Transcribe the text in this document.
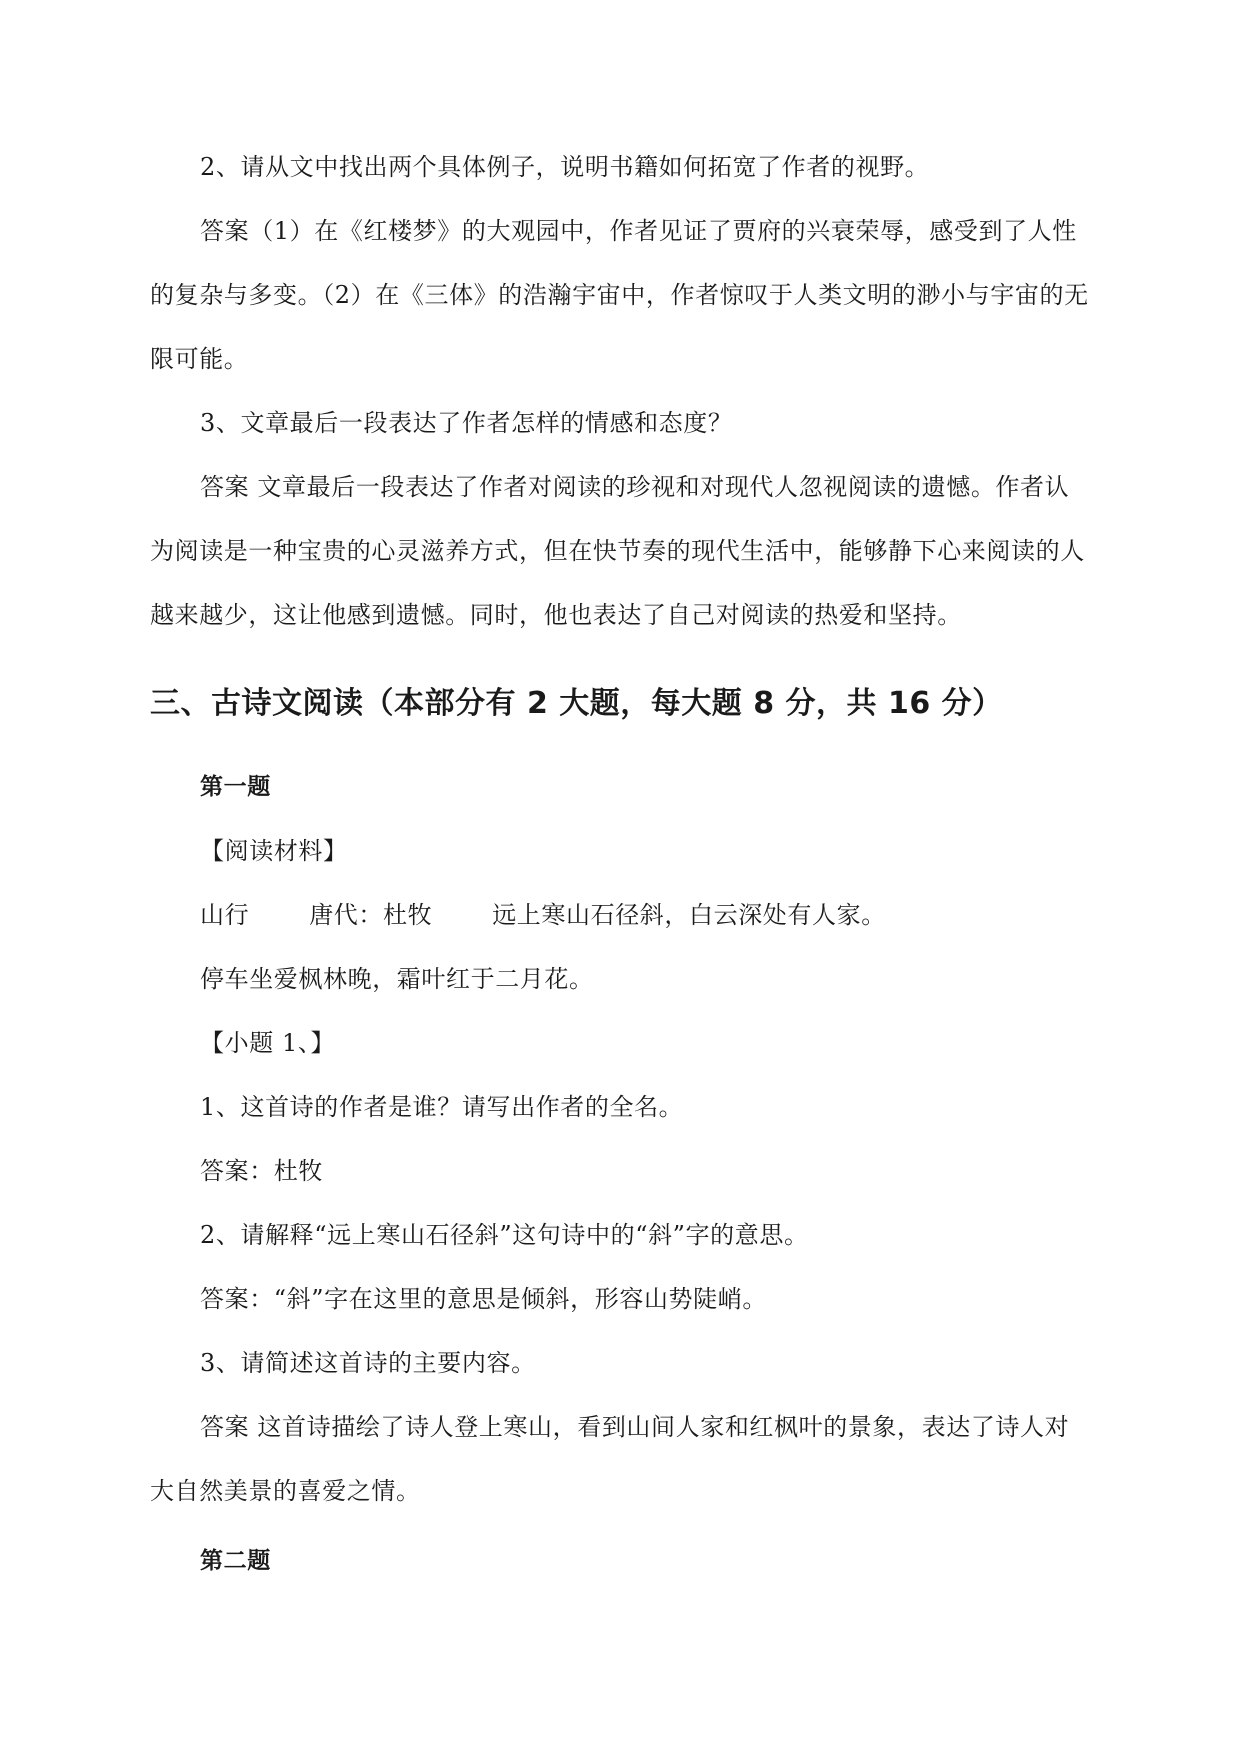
2、请从文中找出两个具体例子，说明书籍如何拓宽了作者的视野。
答案（1）在《红楼梦》的大观园中，作者见证了贾府的兴衰荣辱，感受到了人性
的复杂与多变。（2）在《三体》的浩瀚宇宙中，作者惊叹于人类文明的渺小与宇宙的无
限可能。
3、文章最后一段表达了作者怎样的情感和态度？
答案 文章最后一段表达了作者对阅读的珍视和对现代人忽视阅读的遗憾。作者认
为阅读是一种宝贵的心灵滋养方式，但在快节奏的现代生活中，能够静下心来阅读的人
越来越少，这让他感到遗憾。同时，他也表达了自己对阅读的热爱和坚持。
三、古诗文阅读（本部分有 2 大题，每大题 8 分，共 16 分）
第一题
【阅读材料】
山行	唐代：杜牧	远上寒山石径斜，白云深处有人家。
停车坐爱枫林晚，霜叶红于二月花。
【小题 1、】
1、这首诗的作者是谁？请写出作者的全名。
答案：杜牧
2、请解释“远上寒山石径斜”这句诗中的“斜”字的意思。
答案：“斜”字在这里的意思是倾斜，形容山势陡峭。
3、请简述这首诗的主要内容。
答案 这首诗描绘了诗人登上寒山，看到山间人家和红枫叶的景象，表达了诗人对
大自然美景的喜爱之情。
第二题
